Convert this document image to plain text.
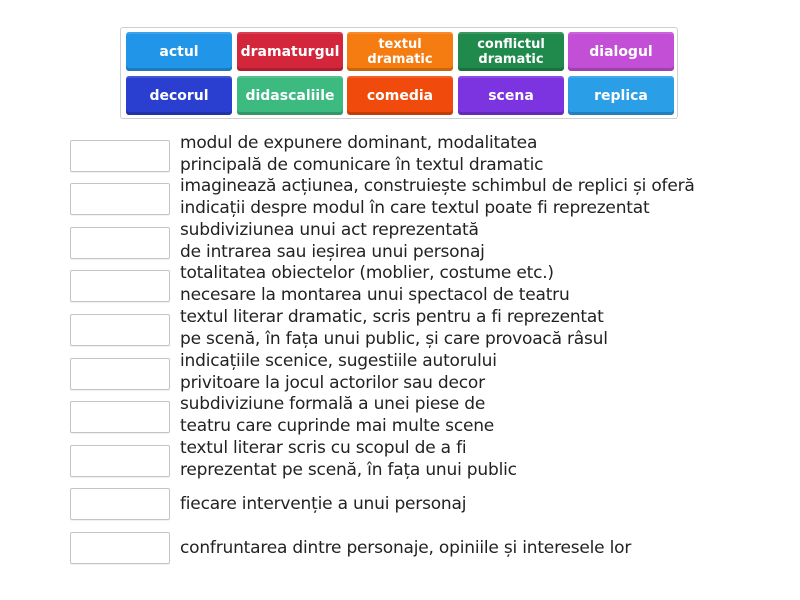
actul	dramaturgul	textul dramatic
conflictul dramatic	dialogul
decorul	didascaliile comedia	scena	replica
modul de expunere dominant, modalitatea
principală de comunicare în textul dramatic
imaginează acțiunea, construiește schimbul de replici și oferă
indicații despre modul în care textul poate fi reprezentat
subdiviziunea unui act reprezentată
de intrarea sau ieșirea unui personaj
totalitatea obiectelor (moblier, costume etc.)
necesare la montarea unui spectacol de teatru
textul literar dramatic, scris pentru a fi reprezentat
pe scenă, în fața unui public, și care provoacă râsul
indicațiile scenice, sugestiile autorului
privitoare la jocul actorilor sau decor
subdiviziune formală a unei piese de
teatru care cuprinde mai multe scene
textul literar scris cu scopul de a fi
reprezentat pe scenă, în fața unui public
fiecare intervenție a unui personaj
confruntarea dintre personaje, opiniile și interesele lor
